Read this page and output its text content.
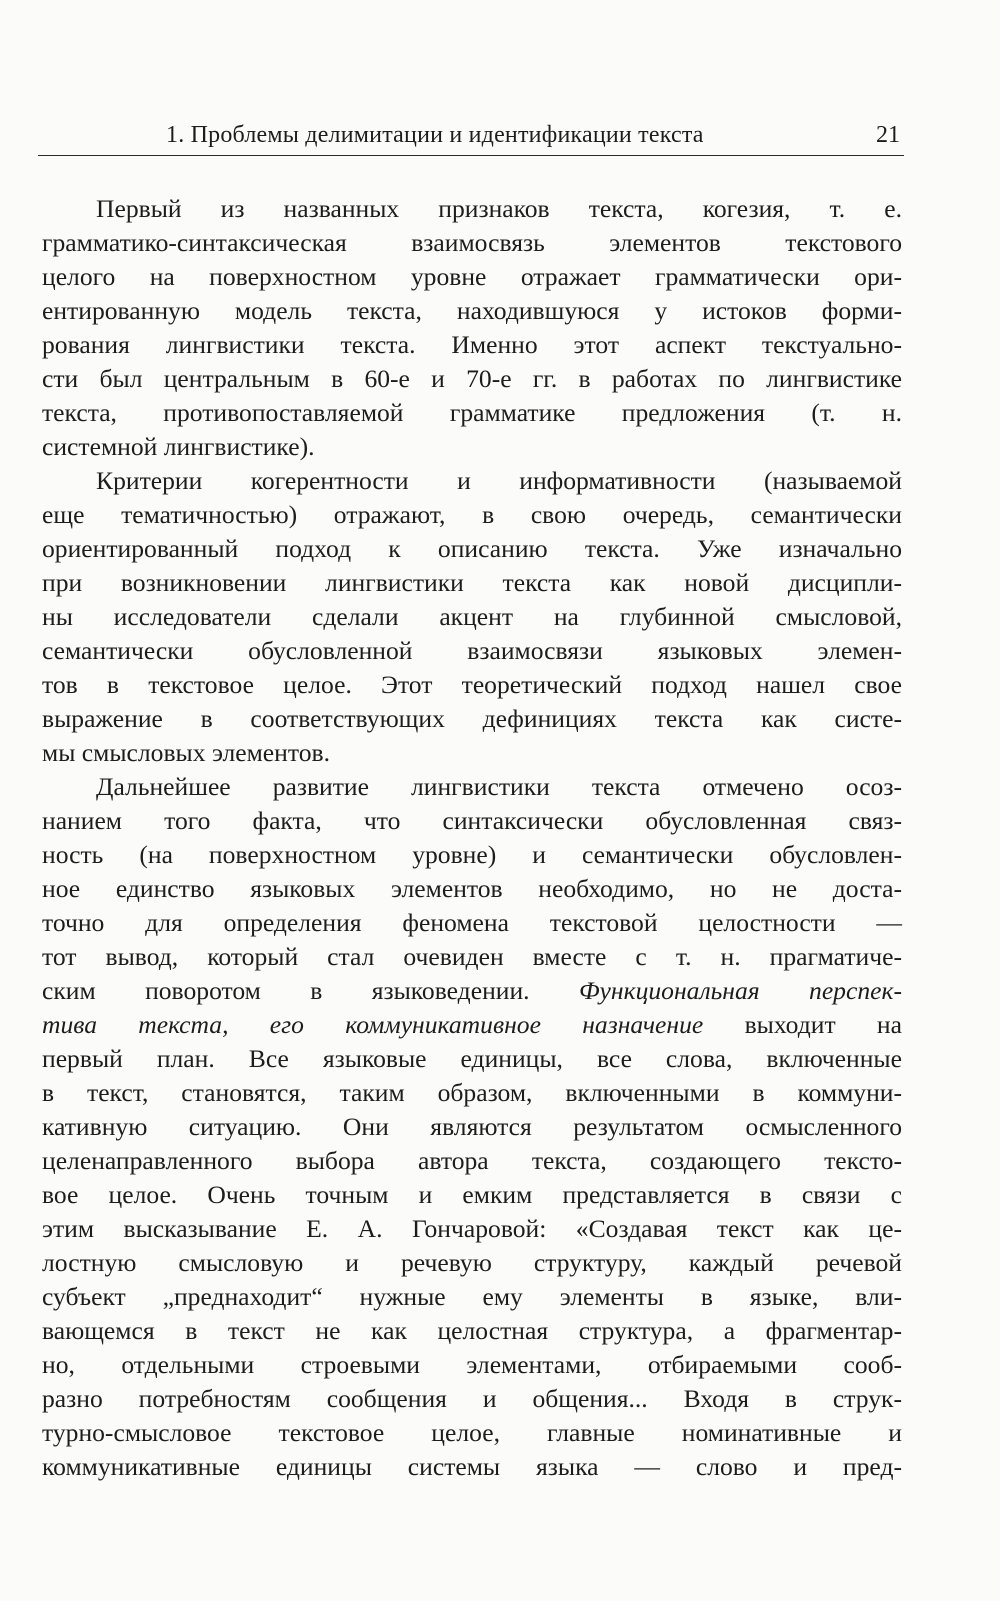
1. Проблемы делимитации и идентификации текста	21

Первый из названных признаков текста, когезия, т. е.
грамматико-синтаксическая взаимосвязь элементов текстового
целого на поверхностном уровне отражает грамматически ори-
ентированную модель текста, находившуюся у истоков форми-
рования лингвистики текста. Именно этот аспект текстуально-
сти был центральным в 60-е и 70-е гг. в работах по лингвистике
текста, противопоставляемой грамматике предложения (т. н.
системной лингвистике).

Критерии когерентности и информативности (называемой
еще тематичностью) отражают, в свою очередь, семантически
ориентированный подход к описанию текста. Уже изначально
при возникновении лингвистики текста как новой дисципли-
ны исследователи сделали акцент на глубинной смысловой,
семантически обусловленной взаимосвязи языковых элемен-
тов в текстовое целое. Этот теоретический подход нашел свое
выражение в соответствующих дефинициях текста как систе-
мы смысловых элементов.

Дальнейшее развитие лингвистики текста отмечено осоз-
нанием того факта, что синтаксически обусловленная связ-
ность (на поверхностном уровне) и семантически обусловлен-
ное единство языковых элементов необходимо, но не доста-
точно для определения феномена текстовой целостности —
тот вывод, который стал очевиден вместе с т. н. прагматиче-
ским поворотом в языковедении. Функциональная перспек-
тива текста, его коммуникативное назначение выходит на
первый план. Все языковые единицы, все слова, включенные
в текст, становятся, таким образом, включенными в коммуни-
кативную ситуацию. Они являются результатом осмысленного
целенаправленного выбора автора текста, создающего тексто-
вое целое. Очень точным и емким представляется в связи с
этим высказывание Е. А. Гончаровой: «Создавая текст как це-
лостную смысловую и речевую структуру, каждый речевой
субъект „преднаходит“ нужные ему элементы в языке, вли-
вающемся в текст не как целостная структура, а фрагментар-
но, отдельными строевыми элементами, отбираемыми сооб-
разно потребностям сообщения и общения... Входя в струк-
турно-смысловое текстовое целое, главные номинативные и
коммуникативные единицы системы языка — слово и пред-
